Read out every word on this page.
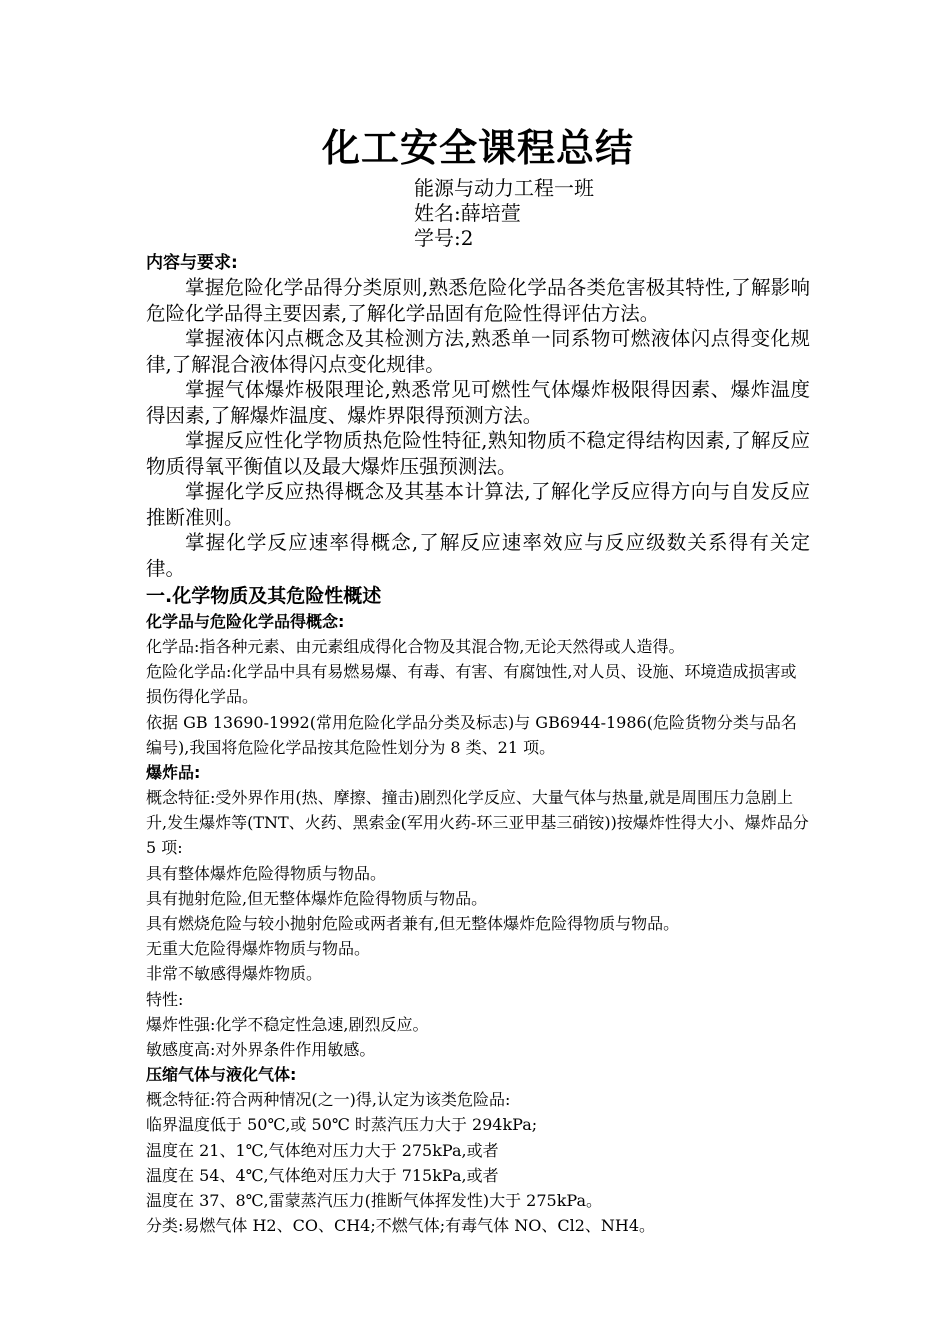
化工安全课程总结
能源与动力工程一班
姓名:薛培萱
学号:2

内容与要求:

掌握危险化学品得分类原则,熟悉危险化学品各类危害极其特性,了解影响危险化学品得主要因素,了解化学品固有危险性得评估方法。

掌握液体闪点概念及其检测方法,熟悉单一同系物可燃液体闪点得变化规律,了解混合液体得闪点变化规律。

掌握气体爆炸极限理论,熟悉常见可燃性气体爆炸极限得因素、爆炸温度得因素,了解爆炸温度、爆炸界限得预测方法。

掌握反应性化学物质热危险性特征,熟知物质不稳定得结构因素,了解反应物质得氧平衡值以及最大爆炸压强预测法。

掌握化学反应热得概念及其基本计算法,了解化学反应得方向与自发反应推断准则。

掌握化学反应速率得概念,了解反应速率效应与反应级数关系得有关定律。

一.化学物质及其危险性概述

化学品与危险化学品得概念:

化学品:指各种元素、由元素组成得化合物及其混合物,无论天然得或人造得。

危险化学品:化学品中具有易燃易爆、有毒、有害、有腐蚀性,对人员、设施、环境造成损害或损伤得化学品。

依据 GB 13690-1992(常用危险化学品分类及标志)与 GB6944-1986(危险货物分类与品名编号),我国将危险化学品按其危险性划分为 8 类、21 项。

爆炸品:

概念特征:受外界作用(热、摩擦、撞击)剧烈化学反应、大量气体与热量,就是周围压力急剧上升,发生爆炸等(TNT、火药、黑索金(军用火药-环三亚甲基三硝铵))按爆炸性得大小、爆炸品分 5 项:

具有整体爆炸危险得物质与物品。

具有抛射危险,但无整体爆炸危险得物质与物品。

具有燃烧危险与较小抛射危险或两者兼有,但无整体爆炸危险得物质与物品。

无重大危险得爆炸物质与物品。

非常不敏感得爆炸物质。

特性:

爆炸性强:化学不稳定性急速,剧烈反应。

敏感度高:对外界条件作用敏感。

压缩气体与液化气体:

概念特征:符合两种情况(之一)得,认定为该类危险品:

临界温度低于 50℃,或 50℃ 时蒸汽压力大于 294kPa;

温度在 21、1℃,气体绝对压力大于 275kPa,或者

温度在 54、4℃,气体绝对压力大于 715kPa,或者

温度在 37、8℃,雷蒙蒸汽压力(推断气体挥发性)大于 275kPa。

分类:易燃气体 H2、CO、CH4;不燃气体;有毒气体 NO、Cl2、NH4。
